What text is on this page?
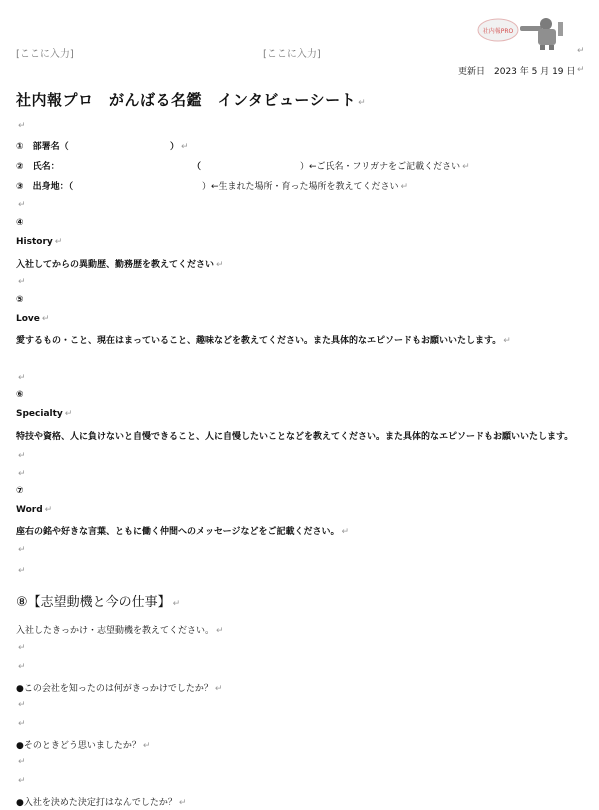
[ここに入力]	[ここに入力]	↵
社内報PRO
更新日　2023 年 5 月 19 日 ↵
社内報プロ　がんばる名鑑　インタビューシート ↵
↵
①　部署名（	） ↵
②　氏名：	（	）←ご氏名・フリガナをご記載ください ↵
③　出身地：（	）←生まれた場所・育った場所を教えてください ↵
↵
④
History ↵
入社してからの異動歴、勤務歴を教えてください ↵
↵
⑤
Love ↵
愛するもの・こと、現在はまっていること、趣味などを教えてください。また具体的なエピソードもお願いいたします。 ↵
↵
⑥
Specialty ↵
特技や資格、人に負けないと自慢できること、人に自慢したいことなどを教えてください。また具体的なエピソードもお願いいたします。↵
↵
⑦
Word ↵
座右の銘や好きな言葉、ともに働く仲間へのメッセージなどをご記載ください。 ↵
↵
↵
⑧【志望動機と今の仕事】 ↵
入社したきっかけ・志望動機を教えてください。 ↵
↵
↵
●この会社を知ったのは何がきっかけでしたか？ ↵
↵
↵
●そのときどう思いましたか？ ↵
↵
↵
●入社を決めた決定打はなんでしたか？ ↵
